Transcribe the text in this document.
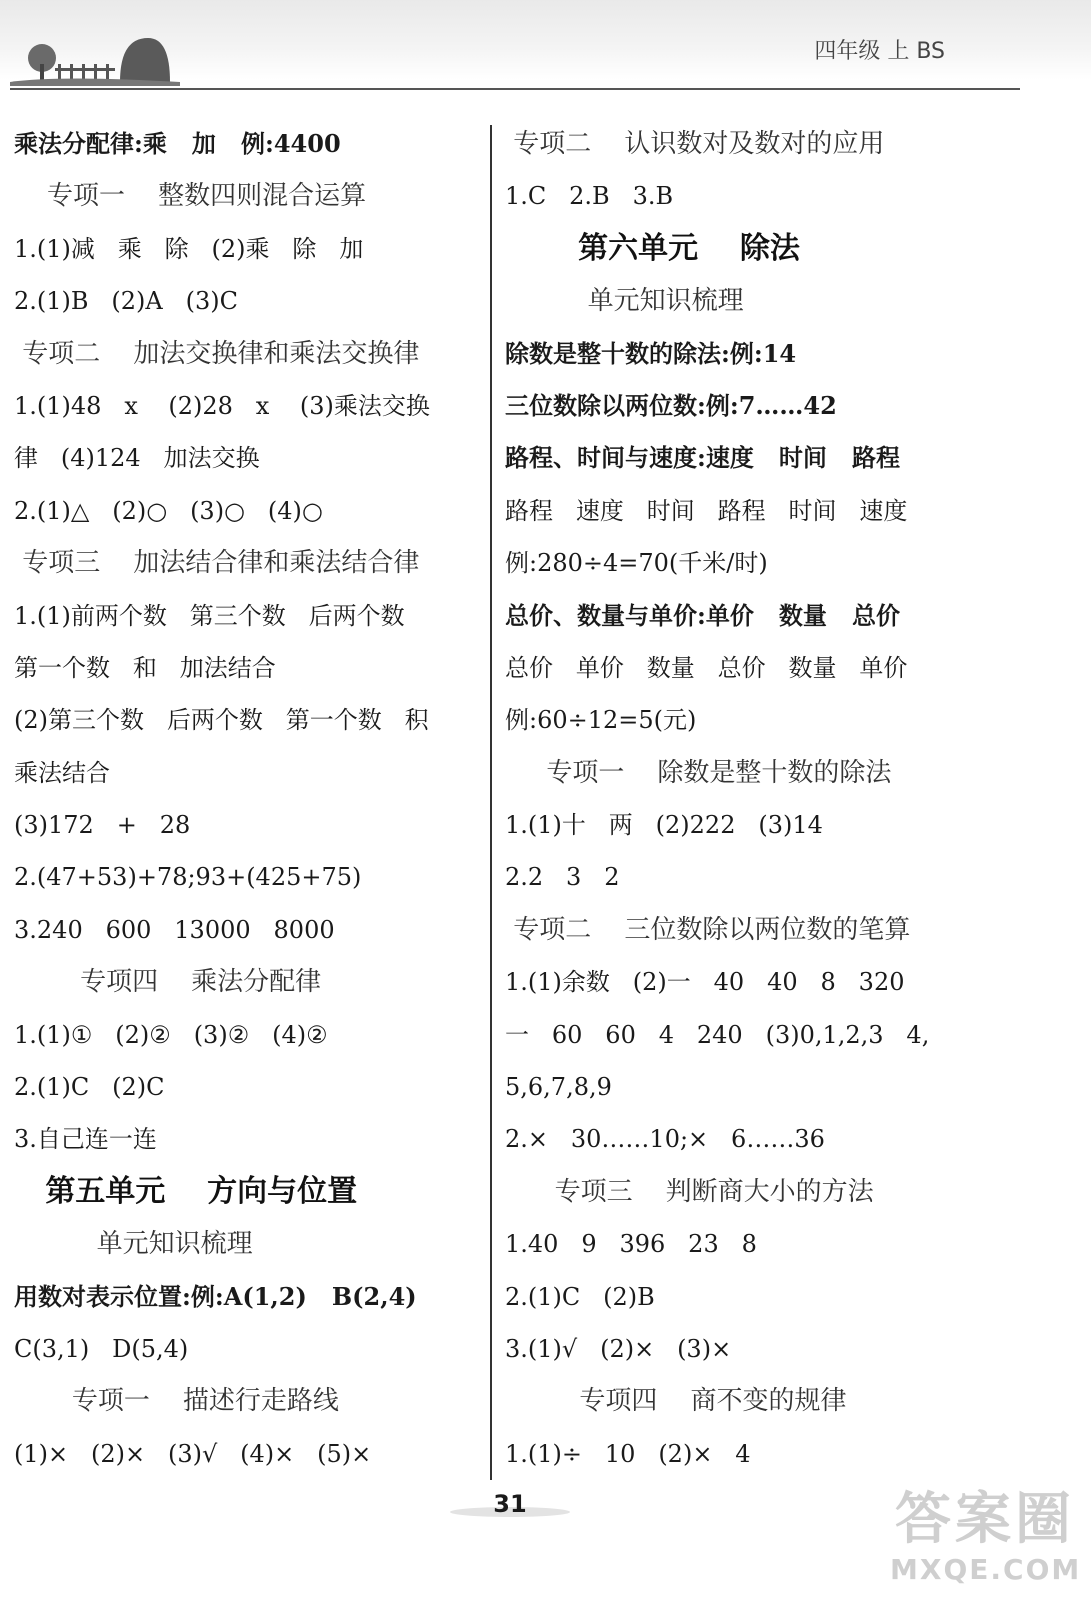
四年级 上 BS
乘法分配律:乘   加   例:4400
专项一    整数四则混合运算
1.(1)减   乘   除   (2)乘   除   加
2.(1)B   (2)A   (3)C
专项二    加法交换律和乘法交换律
1.(1)48   x    (2)28   x    (3)乘法交换
律   (4)124   加法交换
2.(1)△   (2)○   (3)○   (4)○
专项三    加法结合律和乘法结合律
1.(1)前两个数   第三个数   后两个数
第一个数   和   加法结合
(2)第三个数   后两个数   第一个数   积
乘法结合
(3)172   +   28
2.(47+53)+78;93+(425+75)
3.240   600   13000   8000
专项四    乘法分配律
1.(1)①   (2)②   (3)②   (4)②
2.(1)C   (2)C
3.自己连一连
第五单元    方向与位置
单元知识梳理
用数对表示位置:例:A(1,2)   B(2,4)
C(3,1)   D(5,4)
专项一    描述行走路线
(1)×   (2)×   (3)√   (4)×   (5)×
专项二    认识数对及数对的应用
1.C   2.B   3.B
第六单元    除法
单元知识梳理
除数是整十数的除法:例:14
三位数除以两位数:例:7……42
路程、时间与速度:速度   时间   路程
路程   速度   时间   路程   时间   速度
例:280÷4=70(千米/时)
总价、数量与单价:单价   数量   总价
总价   单价   数量   总价   数量   单价
例:60÷12=5(元)
专项一    除数是整十数的除法
1.(1)十   两   (2)222   (3)14
2.2   3   2
专项二    三位数除以两位数的笔算
1.(1)余数   (2)一   40   40   8   320
一   60   60   4   240   (3)0,1,2,3   4,
5,6,7,8,9
2.×   30……10;×   6……36
专项三    判断商大小的方法
1.40   9   396   23   8
2.(1)C   (2)B
3.(1)√   (2)×   (3)×
专项四    商不变的规律
1.(1)÷   10   (2)×   4
31	答案圈
MXQE.COM
